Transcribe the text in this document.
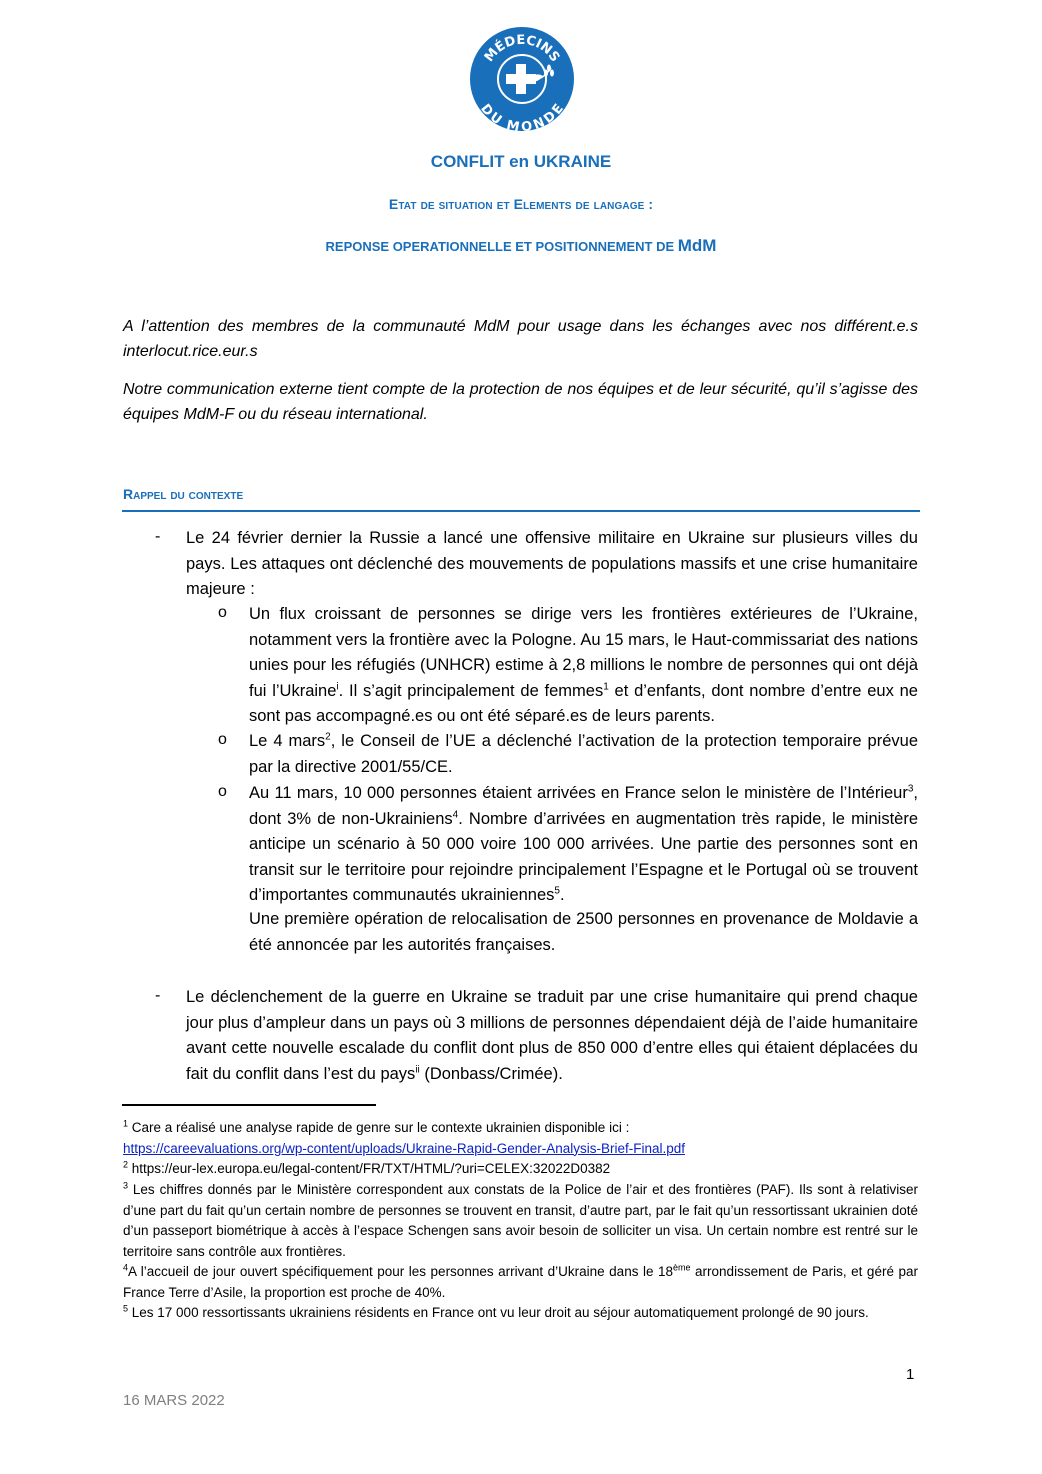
MÉDECINS
DU MONDE
CONFLIT en UKRAINE
Etat de situation et Elements de langage :
REPONSE OPERATIONNELLE ET POSITIONNEMENT DE MdM
A l’attention des membres de la communauté MdM pour usage dans les échanges avec nos différent.e.s interlocut.rice.eur.s
Notre communication externe tient compte de la protection de nos équipes et de leur sécurité, qu’il s’agisse des équipes MdM-F ou du réseau international.
Rappel du contexte
- Le 24 février dernier la Russie a lancé une offensive militaire en Ukraine sur plusieurs villes du pays. Les attaques ont déclenché des mouvements de populations massifs et une crise humanitaire majeure :
o Un flux croissant de personnes se dirige vers les frontières extérieures de l’Ukraine, notamment vers la frontière avec la Pologne. Au 15 mars, le Haut-commissariat des nations unies pour les réfugiés (UNHCR) estime à 2,8 millions le nombre de personnes qui ont déjà fui l’Ukraine$^i$. Il s’agit principalement de femmes$^1$ et d’enfants, dont nombre d’entre eux ne sont pas accompagné.es ou ont été séparé.es de leurs parents.
o Le 4 mars$^2$, le Conseil de l’UE a déclenché l’activation de la protection temporaire prévue par la directive 2001/55/CE.
o Au 11 mars, 10 000 personnes étaient arrivées en France selon le ministère de l’Intérieur$^3$, dont 3% de non-Ukrainiens$^4$. Nombre d’arrivées en augmentation très rapide, le ministère anticipe un scénario à 50 000 voire 100 000 arrivées. Une partie des personnes sont en transit sur le territoire pour rejoindre principalement l’Espagne et le Portugal où se trouvent d’importantes communautés ukrainiennes$^5$.
Une première opération de relocalisation de 2500 personnes en provenance de Moldavie a été annoncée par les autorités françaises.
- Le déclenchement de la guerre en Ukraine se traduit par une crise humanitaire qui prend chaque jour plus d’ampleur dans un pays où 3 millions de personnes dépendaient déjà de l’aide humanitaire avant cette nouvelle escalade du conflit dont plus de 850 000 d’entre elles qui étaient déplacées du fait du conflit dans l’est du pays$^{ii}$ (Donbass/Crimée).
$^1$ Care a réalisé une analyse rapide de genre sur le contexte ukrainien disponible ici :
https://careevaluations.org/wp-content/uploads/Ukraine-Rapid-Gender-Analysis-Brief-Final.pdf
$^2$ https://eur-lex.europa.eu/legal-content/FR/TXT/HTML/?uri=CELEX:32022D0382
$^3$ Les chiffres donnés par le Ministère correspondent aux constats de la Police de l’air et des frontières (PAF). Ils sont à relativiser d’une part du fait qu’un certain nombre de personnes se trouvent en transit, d’autre part, par le fait qu’un ressortissant ukrainien doté d’un passeport biométrique à accès à l’espace Schengen sans avoir besoin de solliciter un visa. Un certain nombre est rentré sur le territoire sans contrôle aux frontières.
$^4$A l’accueil de jour ouvert spécifiquement pour les personnes arrivant d’Ukraine dans le 18ème arrondissement de Paris, et géré par France Terre d’Asile, la proportion est proche de 40%.
$^5$ Les 17 000 ressortissants ukrainiens résidents en France ont vu leur droit au séjour automatiquement prolongé de 90 jours.
1
16 MARS 2022
